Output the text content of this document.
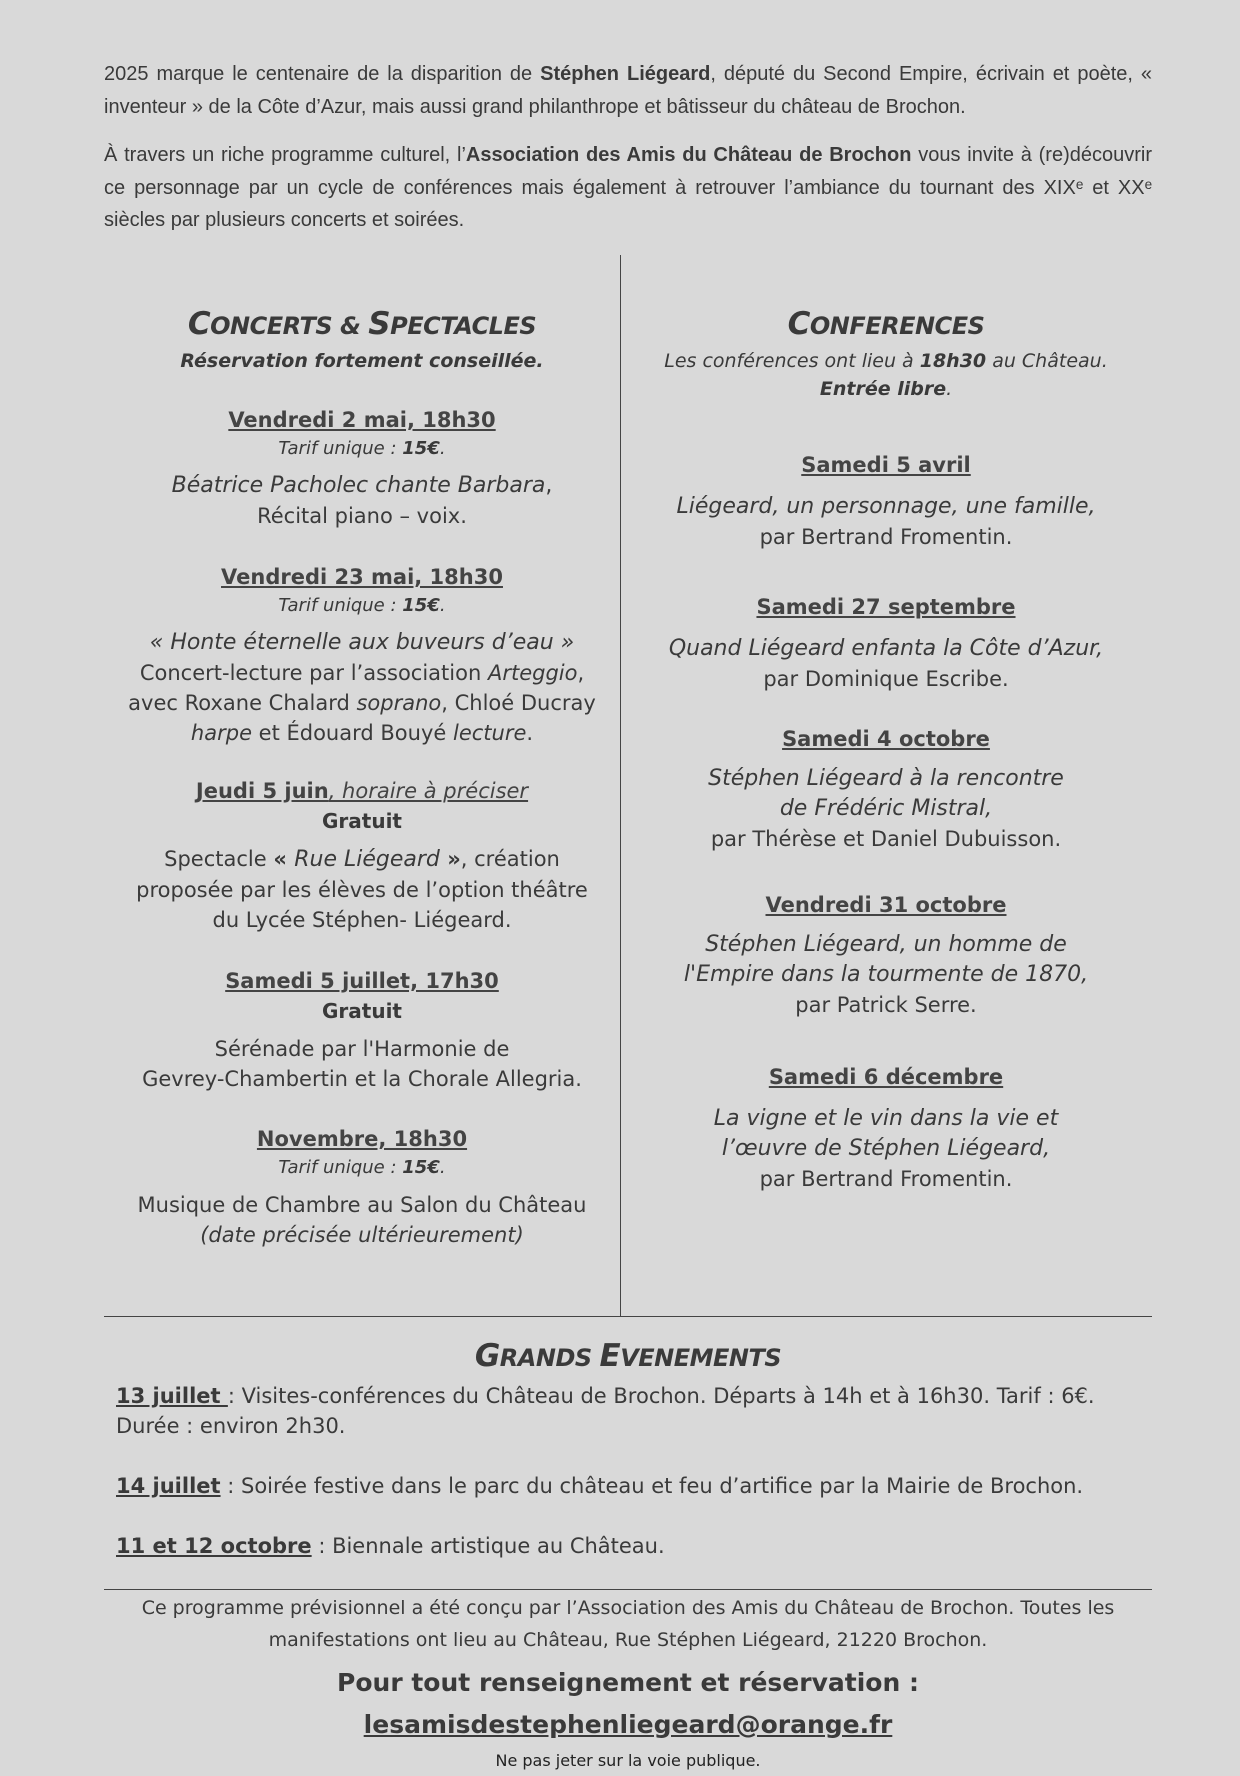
2025 marque le centenaire de la disparition de Stéphen Liégeard, député du Second Empire, écrivain et poète, « inventeur » de la Côte d’Azur, mais aussi grand philanthrope et bâtisseur du château de Brochon.

À travers un riche programme culturel, l’Association des Amis du Château de Brochon vous invite à (re)découvrir ce personnage par un cycle de conférences mais également à retrouver l’ambiance du tournant des XIXᵉ et XXᵉ siècles par plusieurs concerts et soirées.

CONCERTS & SPECTACLES
Réservation fortement conseillée.
Vendredi 2 mai, 18h30
Tarif unique : 15€.
Béatrice Pacholec chante Barbara,
Récital piano – voix.
Vendredi 23 mai, 18h30
Tarif unique : 15€.
« Honte éternelle aux buveurs d’eau »
Concert-lecture par l’association Arteggio,
avec Roxane Chalard soprano, Chloé Ducray
harpe et Édouard Bouyé lecture.
Jeudi 5 juin, horaire à préciser
Gratuit
Spectacle « Rue Liégeard », création
proposée par les élèves de l’option théâtre
du Lycée Stéphen- Liégeard.
Samedi 5 juillet, 17h30
Gratuit
Sérénade par l'Harmonie de
Gevrey-Chambertin et la Chorale Allegria.
Novembre, 18h30
Tarif unique : 15€.
Musique de Chambre au Salon du Château
(date précisée ultérieurement)
CONFERENCES
Les conférences ont lieu à 18h30 au Château.
Entrée libre.
Samedi 5 avril
Liégeard, un personnage, une famille,
par Bertrand Fromentin.
Samedi 27 septembre
Quand Liégeard enfanta la Côte d’Azur,
par Dominique Escribe.
Samedi 4 octobre
Stéphen Liégeard à la rencontre
de Frédéric Mistral,
par Thérèse et Daniel Dubuisson.
Vendredi 31 octobre
Stéphen Liégeard, un homme de
l'Empire dans la tourmente de 1870,
par Patrick Serre.
Samedi 6 décembre
La vigne et le vin dans la vie et
l’œuvre de Stéphen Liégeard,
par Bertrand Fromentin.
GRANDS EVENEMENTS
13 juillet : Visites-conférences du Château de Brochon. Départs à 14h et à 16h30. Tarif : 6€.
Durée : environ 2h30.
14 juillet : Soirée festive dans le parc du château et feu d’artifice par la Mairie de Brochon.
11 et 12 octobre : Biennale artistique au Château.
Ce programme prévisionnel a été conçu par l’Association des Amis du Château de Brochon. Toutes les
manifestations ont lieu au Château, Rue Stéphen Liégeard, 21220 Brochon.
Pour tout renseignement et réservation : lesamisdestephenliegeard@orange.fr
Ne pas jeter sur la voie publique.
